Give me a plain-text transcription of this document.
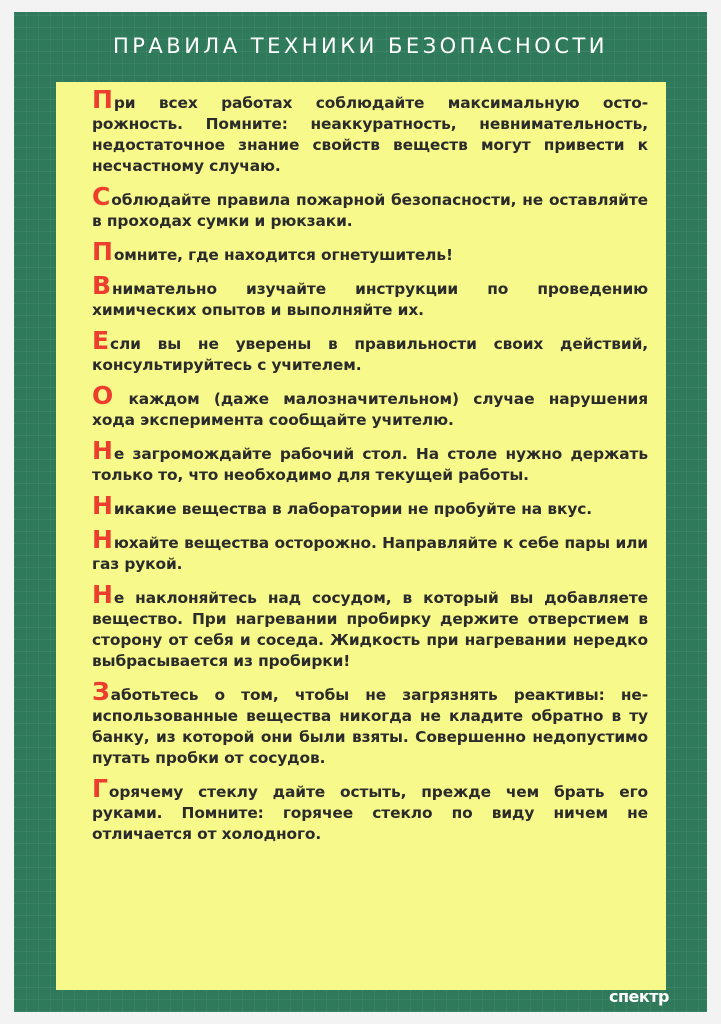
ПРАВИЛА ТЕХНИКИ БЕЗОПАСНОСТИ

При всех работах соблюдайте максимальную осто-рожность. Помните: неаккуратность, невнимательность, недостаточное знание свойств веществ могут привести к несчастному случаю.

Соблюдайте правила пожарной безопасности, не оставляйте в проходах сумки и рюкзаки.

Помните, где находится огнетушитель!

Внимательно изучайте инструкции по проведению химических опытов и выполняйте их.

Если вы не уверены в правильности своих действий, консультируйтесь с учителем.

О каждом (даже малозначительном) случае нарушения хода эксперимента сообщайте учителю.

Не загромождайте рабочий стол. На столе нужно держать только то, что необходимо для текущей работы.

Никакие вещества в лаборатории не пробуйте на вкус.

Нюхайте вещества осторожно. Направляйте к себе пары или газ рукой.

Не наклоняйтесь над сосудом, в который вы добавляете вещество. При нагревании пробирку держите отверстием в сторону от себя и соседа. Жидкость при нагревании нередко выбрасывается из пробирки!

Заботьтесь о том, чтобы не загрязнять реактивы: не-использованные вещества никогда не кладите обратно в ту банку, из которой они были взяты. Совершенно недопустимо путать пробки от сосудов.

Горячему стеклу дайте остыть, прежде чем брать его руками. Помните: горячее стекло по виду ничем не отличается от холодного.

спектр
